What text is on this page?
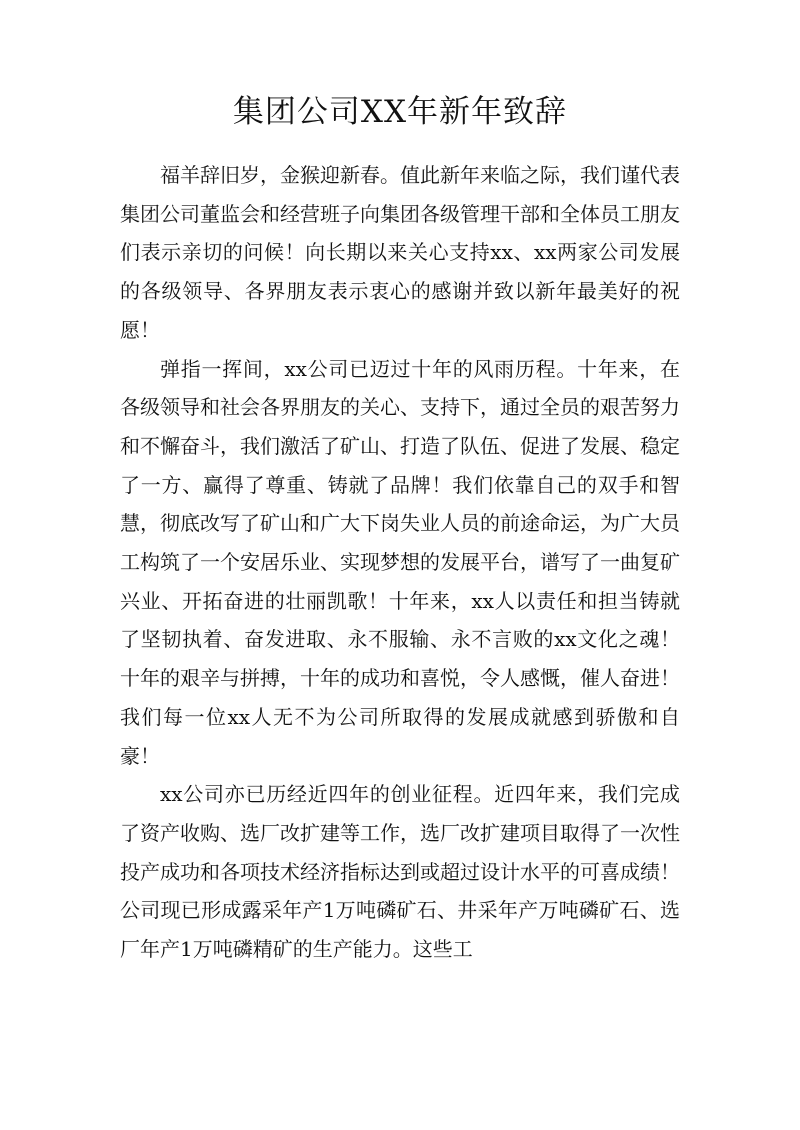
集团公司XX年新年致辞

福羊辞旧岁，金猴迎新春。值此新年来临之际，我们谨代表集团公司董监会和经营班子向集团各级管理干部和全体员工朋友们表示亲切的问候！向长期以来关心支持xx、xx两家公司发展的各级领导、各界朋友表示衷心的感谢并致以新年最美好的祝愿！

弹指一挥间，xx公司已迈过十年的风雨历程。十年来，在各级领导和社会各界朋友的关心、支持下，通过全员的艰苦努力和不懈奋斗，我们激活了矿山、打造了队伍、促进了发展、稳定了一方、赢得了尊重、铸就了品牌！我们依靠自己的双手和智慧，彻底改写了矿山和广大下岗失业人员的前途命运，为广大员工构筑了一个安居乐业、实现梦想的发展平台，谱写了一曲复矿兴业、开拓奋进的壮丽凯歌！十年来，xx人以责任和担当铸就了坚韧执着、奋发进取、永不服输、永不言败的xx文化之魂！十年的艰辛与拼搏，十年的成功和喜悦，令人感慨，催人奋进！我们每一位xx人无不为公司所取得的发展成就感到骄傲和自豪！

xx公司亦已历经近四年的创业征程。近四年来，我们完成了资产收购、选厂改扩建等工作，选厂改扩建项目取得了一次性投产成功和各项技术经济指标达到或超过设计水平的可喜成绩！公司现已形成露采年产1万吨磷矿石、井采年产万吨磷矿石、选厂年产1万吨磷精矿的生产能力。这些工
